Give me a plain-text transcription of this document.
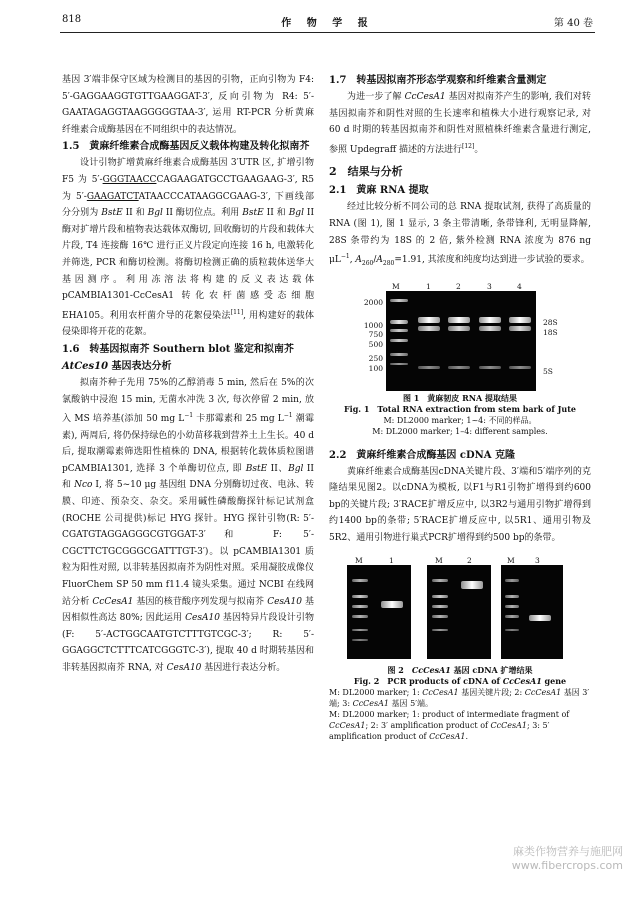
818	作 物 学 报	第 40 卷

基因 3′端非保守区域为检测目的基因的引物，正向引物为 F4: 5′-GAGGAAGGTGTTGAAGGAT-3′, 反向引物为 R4: 5′-GAATAGAGGTAAGGGGGTAA-3′, 运用 RT-PCR 分析黄麻纤维素合成酶基因在不同组织中的表达情况。

1.5　黄麻纤维素合成酶基因反义载体构建及转化拟南芥

设计引物扩增黄麻纤维素合成酶基因 3′UTR 区, 扩增引物 F5 为 5′-GGGTAACCCAGAAGATGCCTGAAGAAG-3′, R5 为 5′-GAAGATCTATAACCCATAAGGCGAAG-3′, 下画线部分分别为 BstE II 和 Bgl II 酶切位点。利用 BstE II 和 Bgl II 酶对扩增片段和植物表达载体双酶切, 回收酶切的片段和载体大片段, T4 连接酶 16℃ 进行正义片段定向连接 16 h, 电激转化并筛选, PCR 和酶切检测。将酶切检测正确的质粒载体送华大基因测序。利用冻溶法将构建的反义表达载体 pCAMBIA1301-CcCesA1 转化农杆菌感受态细胞 EHA105。利用农杆菌介导的花絮侵染法[11], 用构建好的载体侵染即将开花的花絮。

1.6　转基因拟南芥 Southern blot 鉴定和拟南芥 AtCes10 基因表达分析

拟南芥种子先用 75%的乙醇消毒 5 min, 然后在 5%的次氯酸钠中浸泡 15 min, 无菌水冲洗 3 次, 每次停留 2 min, 放入 MS 培养基(添加 50 mg $L^{-1}$ 卡那霉素和 25 mg $L^{-1}$ 潮霉素), 两周后, 将仍保持绿色的小幼苗移栽到营养土上生长。40 d 后, 提取潮霉素筛选阳性植株的 DNA, 根据转化载体质粒图谱 pCAMBIA1301, 选择 3 个单酶切位点, 即 BstE II、Bgl II 和 Nco I, 将 5~10 μg 基因组 DNA 分别酶切过夜、电泳、转膜、印迹、预杂交、杂交。采用碱性磷酸酶探针标记试剂盒(ROCHE 公司提供)标记 HYG 探针。HYG 探针引物(R: 5′-CGATGTAGGAGGGCGTGGAT-3′和 F: 5′-CGCTTCTGCGGGCGATTTGT-3′)。以 pCAMBIA1301 质粒为阳性对照, 以非转基因拟南芥为阴性对照。采用凝胶成像仪 FluorChem SP 50 mm f11.4 镜头采集。通过 NCBI 在线网站分析 CcCesA1 基因的核苷酸序列发现与拟南芥 CesA10 基因相似性高达 80%; 因此运用 CesA10 基因特异片段设计引物(F: 5′-ACTGGCAATGTCTTTGTCGC-3′; R: 5′-GGAGGCTCTTTCATCGGGTC-3′), 提取 40 d 时期转基因和非转基因拟南芥 RNA, 对 CesA10 基因进行表达分析。

1.7　转基因拟南芥形态学观察和纤维素含量测定

为进一步了解 CcCesA1 基因对拟南芥产生的影响, 我们对转基因拟南芥和阴性对照的生长速率和植株大小进行观察记录, 对 60 d 时期的转基因拟南芥和阴性对照植株纤维素含量进行测定, 参照 Updegraff 描述的方法进行[12]。

2　结果与分析

2.1　黄麻 RNA 提取

经过比较分析不同公司的总 RNA 提取试剂, 获得了高质量的 RNA (图 1), 图 1 显示, 3 条主带清晰, 条带锋利, 无明显降解, 28S 条带约为 18S 的 2 倍, 紫外检测 RNA 浓度为 876 ng $\mu L^{-1}$, $A_{260}/A_{280}=1.91$, 其浓度和纯度均达到进一步试验的要求。

M	1	2	3	4
2000
1000
750
500
250
100
28S
18S
5S

图 1　黄麻韧皮 RNA 提取结果

Fig. 1　Total RNA extraction from stem bark of Jute

M: DL2000 marker; 1~4: 不同的样品。

M: DL2000 marker; 1–4: different samples.

2.2　黄麻纤维素合成酶基因 cDNA 克隆

黄麻纤维素合成酶基因cDNA关键片段、3′端和5′端序列的克隆结果见图2。以cDNA为模板, 以F1与R1引物扩增得到约600 bp的关键片段; 3′RACE扩增反应中, 以3R2与通用引物扩增得到约1400 bp的条带; 5′RACE扩增反应中, 以5R1、通用引物及5R2、通用引物进行巢式PCR扩增得到约500 bp的条带。

M	1	M	2	M	3

图 2　CcCesA1 基因 cDNA 扩增结果

Fig. 2　PCR products of cDNA of CcCesA1 gene

M: DL2000 marker; 1: CcCesA1 基因关键片段; 2: CcCesA1 基因 3′端; 3: CcCesA1 基因 5′端。

M: DL2000 marker; 1: product of intermediate fragment of CcCesA1; 2: 3′ amplification product of CcCesA1; 3: 5′ amplification product of CcCesA1.

麻类作物营养与施肥网
www.fibercrops.com
